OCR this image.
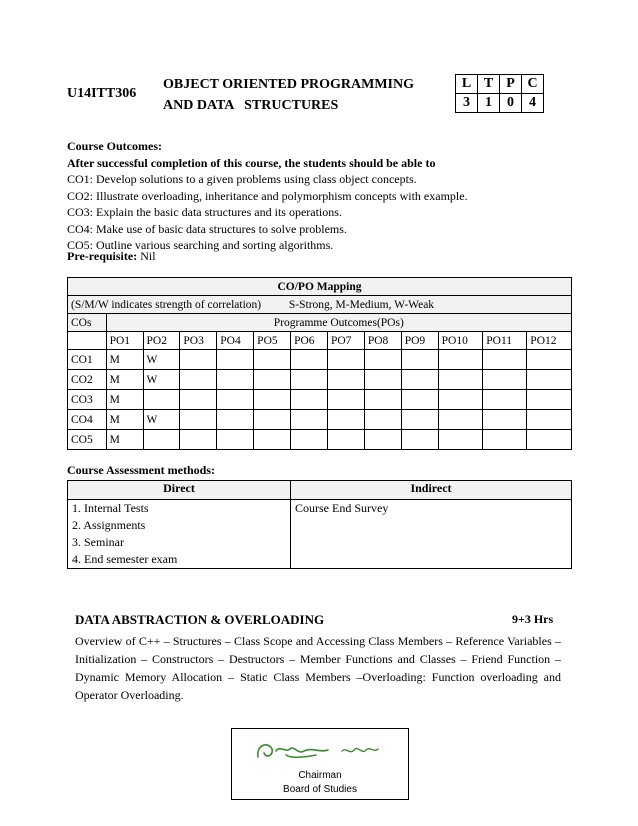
U14ITT306
OBJECT ORIENTED PROGRAMMING
AND DATA   STRUCTURES
L	T	P	C
3	1	0	4
Course Outcomes:
After successful completion of this course, the students should be able to
CO1: Develop solutions to a given problems using class object concepts.
CO2: Illustrate overloading, inheritance and polymorphism concepts with example.
CO3: Explain the basic data structures and its operations.
CO4: Make use of basic data structures to solve problems.
CO5: Outline various searching and sorting algorithms.
Pre-requisite: Nil
CO/PO Mapping												
(S/M/W indicates strength of correlation) S-Strong, M-Medium, W-Weak												
COs	Programme Outcomes(POs)											
	PO1	PO2	PO3	PO4	PO5	PO6	PO7	PO8	PO9	PO10	PO11	PO12
CO1	M	W										
CO2	M	W										
CO3	M											
CO4	M	W										
CO5	M											
Course Assessment methods:
Direct	Indirect

1. Internal Tests
2. Assignments
3. Seminar
4. End semester exam	Course End Survey
DATA ABSTRACTION & OVERLOADING	9+3 Hrs
Overview of C++ – Structures – Class Scope and Accessing Class Members – Reference Variables – Initialization – Constructors – Destructors – Member Functions and Classes – Friend Function – Dynamic Memory Allocation – Static Class Members –Overloading: Function overloading and Operator Overloading.
Chairman
Board of Studies
